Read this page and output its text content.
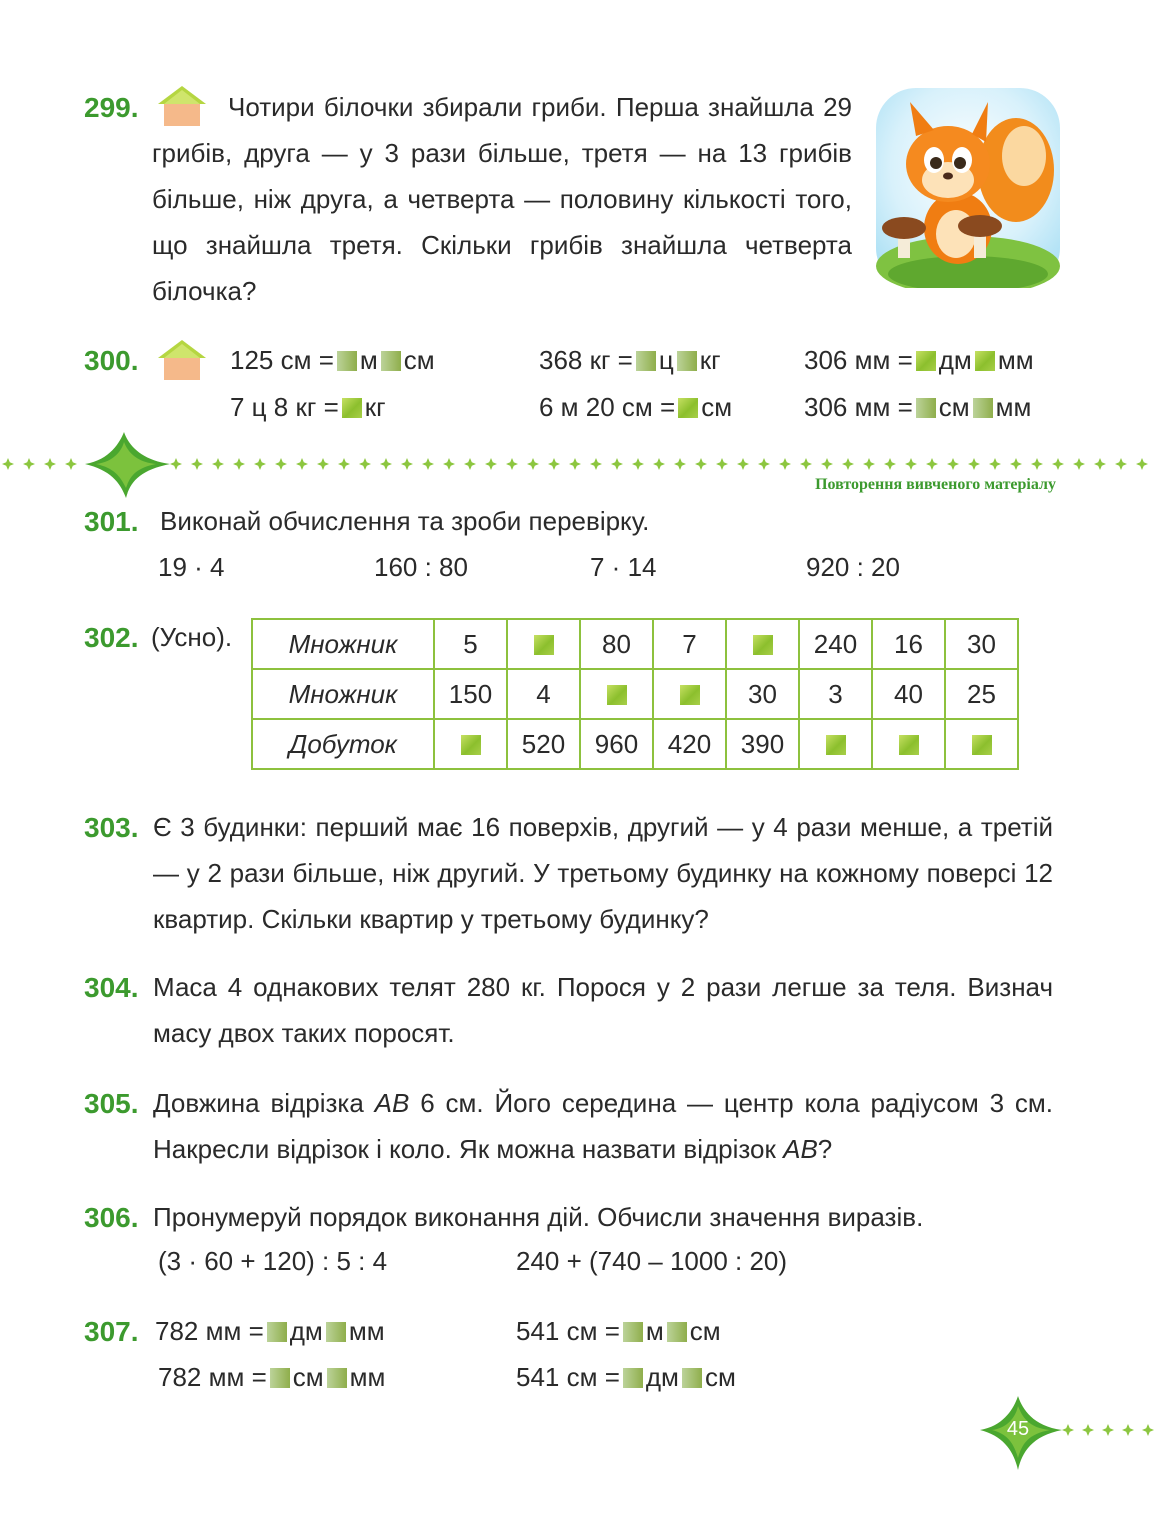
299.	Чотири білочки збирали гриби. Перша знайшла 29 грибів, друга — у 3 рази більше, третя — на 13 грибів більше, ніж друга, а четверта — половину кількості того, що знайшла третя. Скільки грибів знайшла четверта білочка?
300.	125 см = м см	368 кг = ц кг	306 мм = дм мм
7 ц 8 кг = кг	6 м 20 см = см	306 мм = см мм
Повторення вивченого матеріалу
301. Виконай обчислення та зроби перевірку.
19 · 4	160 : 80	7 · 14	920 : 20
302. (Усно). Множник	5		80	7		240	16	30
Множник	150	4			30	3	40	25
Добуток		520	960	420	390			
303. Є 3 будинки: перший має 16 поверхів, другий — у 4 рази менше, а третій — у 2 рази більше, ніж другий. У третьому будинку на кожному поверсі 12 квартир. Скільки квартир у третьому будинку?
304. Маса 4 однакових телят 280 кг. Порося у 2 рази легше за теля. Визнач масу двох таких поросят.
305. Довжина відрізка AB 6 см. Його середина — центр кола радіусом 3 см. Накресли відрізок і коло. Як можна назвати відрізок AB?
306. Пронумеруй порядок виконання дій. Обчисли значення виразів.
(3 · 60 + 120) : 5 : 4	240 + (740 – 1000 : 20)
307. 782 мм = дм мм	541 см = м см
782 мм = см мм	541 см = дм см
45
